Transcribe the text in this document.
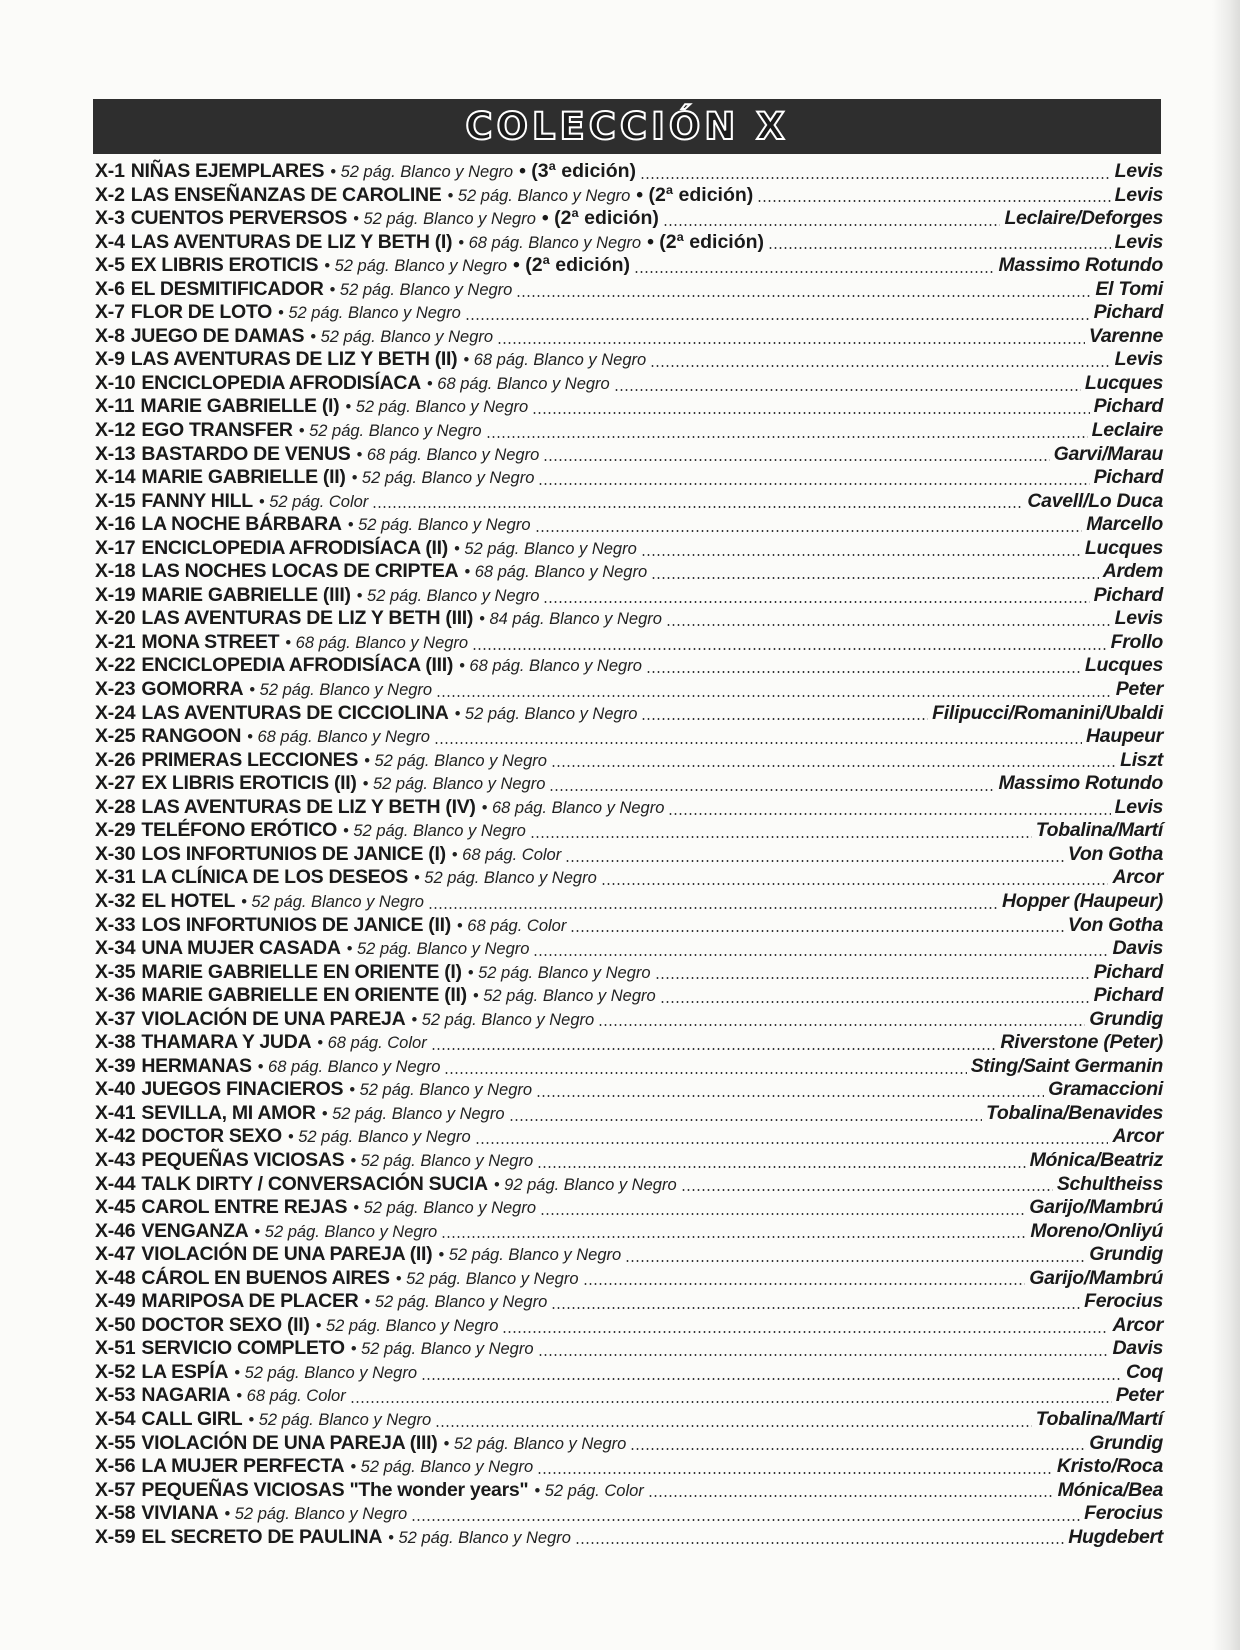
COLECCIÓN X
X-1 NIÑAS EJEMPLARES • 52 pág. Blanco y Negro • (3ª edición)	Levis
X-2 LAS ENSEÑANZAS DE CAROLINE • 52 pág. Blanco y Negro • (2ª edición)	Levis
X-3 CUENTOS PERVERSOS • 52 pág. Blanco y Negro • (2ª edición)	Leclaire/Deforges
X-4 LAS AVENTURAS DE LIZ Y BETH (I) • 68 pág. Blanco y Negro • (2ª edición)	Levis
X-5 EX LIBRIS EROTICIS • 52 pág. Blanco y Negro • (2ª edición)	Massimo Rotundo
X-6 EL DESMITIFICADOR • 52 pág. Blanco y Negro	El Tomi
X-7 FLOR DE LOTO • 52 pág. Blanco y Negro	Pichard
X-8 JUEGO DE DAMAS • 52 pág. Blanco y Negro	Varenne
X-9 LAS AVENTURAS DE LIZ Y BETH (II) • 68 pág. Blanco y Negro	Levis
X-10 ENCICLOPEDIA AFRODISÍACA • 68 pág. Blanco y Negro	Lucques
X-11 MARIE GABRIELLE (I) • 52 pág. Blanco y Negro	Pichard
X-12 EGO TRANSFER • 52 pág. Blanco y Negro	Leclaire
X-13 BASTARDO DE VENUS • 68 pág. Blanco y Negro	Garvi/Marau
X-14 MARIE GABRIELLE (II) • 52 pág. Blanco y Negro	Pichard
X-15 FANNY HILL • 52 pág. Color	Cavell/Lo Duca
X-16 LA NOCHE BÁRBARA • 52 pág. Blanco y Negro	Marcello
X-17 ENCICLOPEDIA AFRODISÍACA (II) • 52 pág. Blanco y Negro	Lucques
X-18 LAS NOCHES LOCAS DE CRIPTEA • 68 pág. Blanco y Negro	Ardem
X-19 MARIE GABRIELLE (III) • 52 pág. Blanco y Negro	Pichard
X-20 LAS AVENTURAS DE LIZ Y BETH (III) • 84 pág. Blanco y Negro	Levis
X-21 MONA STREET • 68 pág. Blanco y Negro	Frollo
X-22 ENCICLOPEDIA AFRODISÍACA (III) • 68 pág. Blanco y Negro	Lucques
X-23 GOMORRA • 52 pág. Blanco y Negro	Peter
X-24 LAS AVENTURAS DE CICCIOLINA • 52 pág. Blanco y Negro	Filipucci/Romanini/Ubaldi
X-25 RANGOON • 68 pág. Blanco y Negro	Haupeur
X-26 PRIMERAS LECCIONES • 52 pág. Blanco y Negro	Liszt
X-27 EX LIBRIS EROTICIS (II) • 52 pág. Blanco y Negro	Massimo Rotundo
X-28 LAS AVENTURAS DE LIZ Y BETH (IV) • 68 pág. Blanco y Negro	Levis
X-29 TELÉFONO ERÓTICO • 52 pág. Blanco y Negro	Tobalina/Martí
X-30 LOS INFORTUNIOS DE JANICE (I) • 68 pág. Color	Von Gotha
X-31 LA CLÍNICA DE LOS DESEOS • 52 pág. Blanco y Negro	Arcor
X-32 EL HOTEL • 52 pág. Blanco y Negro	Hopper (Haupeur)
X-33 LOS INFORTUNIOS DE JANICE (II) • 68 pág. Color	Von Gotha
X-34 UNA MUJER CASADA • 52 pág. Blanco y Negro	Davis
X-35 MARIE GABRIELLE EN ORIENTE (I) • 52 pág. Blanco y Negro	Pichard
X-36 MARIE GABRIELLE EN ORIENTE (II) • 52 pág. Blanco y Negro	Pichard
X-37 VIOLACIÓN DE UNA PAREJA • 52 pág. Blanco y Negro	Grundig
X-38 THAMARA Y JUDA • 68 pág. Color	Riverstone (Peter)
X-39 HERMANAS • 68 pág. Blanco y Negro	Sting/Saint Germanin
X-40 JUEGOS FINACIEROS • 52 pág. Blanco y Negro	Gramaccioni
X-41 SEVILLA, MI AMOR • 52 pág. Blanco y Negro	Tobalina/Benavides
X-42 DOCTOR SEXO • 52 pág. Blanco y Negro	Arcor
X-43 PEQUEÑAS VICIOSAS • 52 pág. Blanco y Negro	Mónica/Beatriz
X-44 TALK DIRTY / CONVERSACIÓN SUCIA • 92 pág. Blanco y Negro	Schultheiss
X-45 CAROL ENTRE REJAS • 52 pág. Blanco y Negro	Garijo/Mambrú
X-46 VENGANZA • 52 pág. Blanco y Negro	Moreno/Onliyú
X-47 VIOLACIÓN DE UNA PAREJA (II) • 52 pág. Blanco y Negro	Grundig
X-48 CÁROL EN BUENOS AIRES • 52 pág. Blanco y Negro	Garijo/Mambrú
X-49 MARIPOSA DE PLACER • 52 pág. Blanco y Negro	Ferocius
X-50 DOCTOR SEXO (II) • 52 pág. Blanco y Negro	Arcor
X-51 SERVICIO COMPLETO • 52 pág. Blanco y Negro	Davis
X-52 LA ESPÍA • 52 pág. Blanco y Negro	Coq
X-53 NAGARIA • 68 pág. Color	Peter
X-54 CALL GIRL • 52 pág. Blanco y Negro	Tobalina/Martí
X-55 VIOLACIÓN DE UNA PAREJA (III) • 52 pág. Blanco y Negro	Grundig
X-56 LA MUJER PERFECTA • 52 pág. Blanco y Negro	Kristo/Roca
X-57 PEQUEÑAS VICIOSAS "The wonder years" • 52 pág. Color	Mónica/Bea
X-58 VIVIANA • 52 pág. Blanco y Negro	Ferocius
X-59 EL SECRETO DE PAULINA • 52 pág. Blanco y Negro	Hugdebert
